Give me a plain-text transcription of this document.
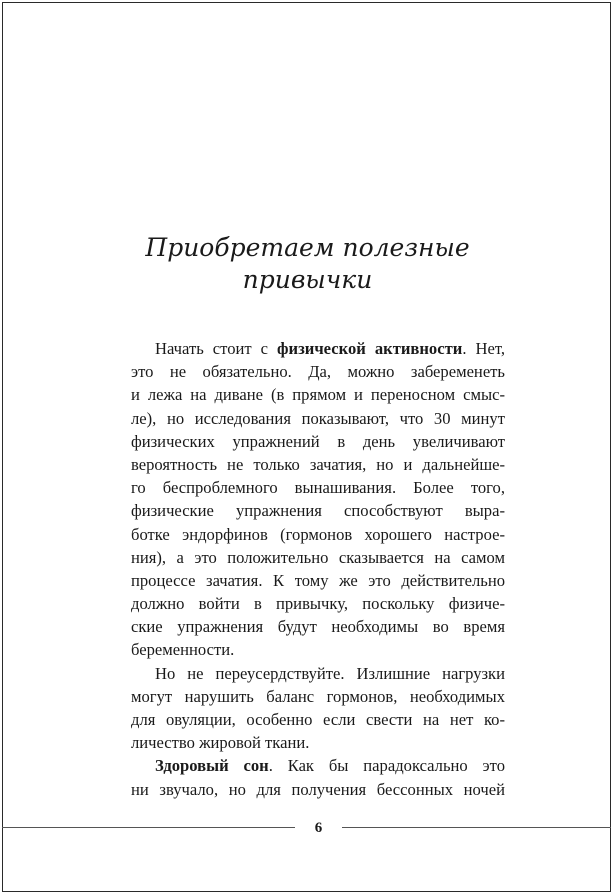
Приобретаем полезные
привычки
Начать стоит с физической активности. Нет,
это не обязательно. Да, можно забеременеть
и лежа на диване (в прямом и переносном смыс-
ле), но исследования показывают, что 30 минут
физических упражнений в день увеличивают
вероятность не только зачатия, но и дальнейше-
го беспроблемного вынашивания. Более того,
физические упражнения способствуют выра-
ботке эндорфинов (гормонов хорошего настрое-
ния), а это положительно сказывается на самом
процессе зачатия. К тому же это действительно
должно войти в привычку, поскольку физиче-
ские упражнения будут необходимы во время
беременности.
Но не переусердствуйте. Излишние нагрузки
могут нарушить баланс гормонов, необходимых
для овуляции, особенно если свести на нет ко-
личество жировой ткани.
Здоровый сон. Как бы парадоксально это
ни звучало, но для получения бессонных ночей
6
